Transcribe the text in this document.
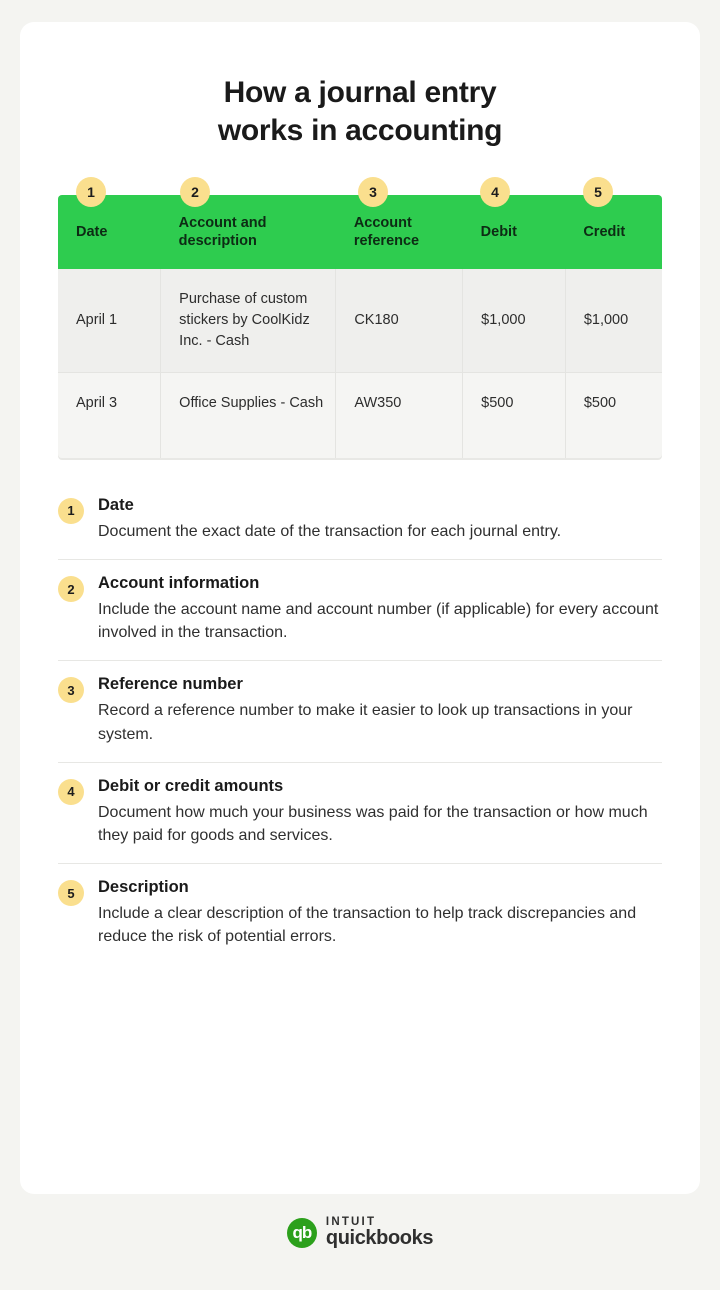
How a journal entry
works in accounting
1	2	3	4	5
Date	Account and description	Account reference	Debit	Credit
April 1	Purchase of custom stickers by CoolKidz Inc. - Cash	CK180	$1,000	$1,000
April 3	Office Supplies - Cash	AW350	$500	$500
1	Date
Document the exact date of the transaction for each journal entry.
2	Account information
Include the account name and account number (if applicable) for every account involved in the transaction.
3	Reference number
Record a reference number to make it easier to look up transactions in your system.
4	Debit or credit amounts
Document how much your business was paid for the transaction or how much they paid for goods and services.
5	Description
Include a clear description of the transaction to help track discrepancies and reduce the risk of potential errors.
qb
INTUIT
quickbooks
